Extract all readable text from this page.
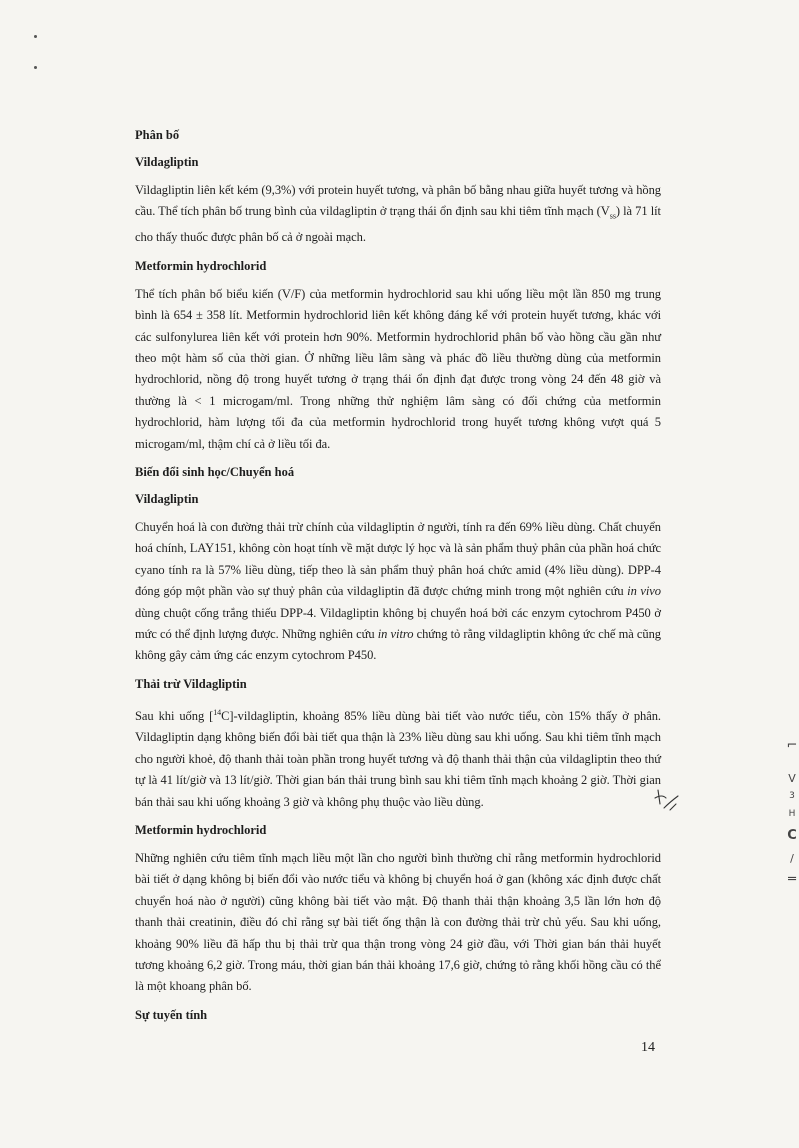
Phân bố
Vildagliptin

Vildagliptin liên kết kém (9,3%) với protein huyết tương, và phân bố bằng nhau giữa huyết tương và hồng cầu. Thể tích phân bố trung bình của vildagliptin ở trạng thái ổn định sau khi tiêm tĩnh mạch $(V_{ss})$ là 71 lít cho thấy thuốc được phân bố cả ở ngoài mạch.

Metformin hydrochlorid

Thể tích phân bố biểu kiến (V/F) của metformin hydrochlorid sau khi uống liều một lần 850 mg trung bình là 654 ± 358 lít. Metformin hydrochlorid liên kết không đáng kể với protein huyết tương, khác với các sulfonylurea liên kết với protein hơn 90%. Metformin hydrochlorid phân bố vào hồng cầu gần như theo một hàm số của thời gian. Ở những liều lâm sàng và phác đồ liều thường dùng của metformin hydrochlorid, nồng độ trong huyết tương ở trạng thái ổn định đạt được trong vòng 24 đến 48 giờ và thường là < 1 microgam/ml. Trong những thử nghiệm lâm sàng có đối chứng của metformin hydrochlorid, hàm lượng tối đa của metformin hydrochlorid trong huyết tương không vượt quá 5 microgam/ml, thậm chí cả ở liều tối đa.

Biến đổi sinh học/Chuyển hoá
Vildagliptin

Chuyển hoá là con đường thải trừ chính của vildagliptin ở người, tính ra đến 69% liều dùng. Chất chuyển hoá chính, LAY151, không còn hoạt tính về mặt dược lý học và là sản phẩm thuỷ phân của phần hoá chức cyano tính ra là 57% liều dùng, tiếp theo là sản phẩm thuỷ phân hoá chức amid (4% liều dùng). DPP-4 đóng góp một phần vào sự thuỷ phân của vildagliptin đã được chứng minh trong một nghiên cứu in vivo dùng chuột cống trắng thiếu DPP-4. Vildagliptin không bị chuyển hoá bởi các enzym cytochrom P450 ở mức có thể định lượng được. Những nghiên cứu in vitro chứng tỏ rằng vildagliptin không ức chế mà cũng không gây cảm ứng các enzym cytochrom P450.

Thải trừ Vildagliptin

Sau khi uống [$^{14}$C]-vildagliptin, khoảng 85% liều dùng bài tiết vào nước tiểu, còn 15% thấy ở phân. Vildagliptin dạng không biến đổi bài tiết qua thận là 23% liều dùng sau khi uống. Sau khi tiêm tĩnh mạch cho người khoẻ, độ thanh thải toàn phần trong huyết tương và độ thanh thải thận của vildagliptin theo thứ tự là 41 lít/giờ và 13 lít/giờ. Thời gian bán thải trung bình sau khi tiêm tĩnh mạch khoảng 2 giờ. Thời gian bán thải sau khi uống khoảng 3 giờ và không phụ thuộc vào liều dùng.

Metformin hydrochlorid

Những nghiên cứu tiêm tĩnh mạch liều một lần cho người bình thường chỉ rằng metformin hydrochlorid bài tiết ở dạng không bị biến đổi vào nước tiểu và không bị chuyển hoá ở gan (không xác định được chất chuyển hoá nào ở người) cũng không bài tiết vào mật. Độ thanh thải thận khoảng 3,5 lần lớn hơn độ thanh thải creatinin, điều đó chỉ rằng sự bài tiết ống thận là con đường thải trừ chủ yếu. Sau khi uống, khoảng 90% liều đã hấp thu bị thải trừ qua thận trong vòng 24 giờ đầu, với Thời gian bán thải huyết tương khoảng 6,2 giờ. Trong máu, thời gian bán thải khoảng 17,6 giờ, chứng tỏ rằng khối hồng cầu có thể là một khoang phân bố.

Sự tuyến tính
⌐
V
3
H
C
/
═
14
